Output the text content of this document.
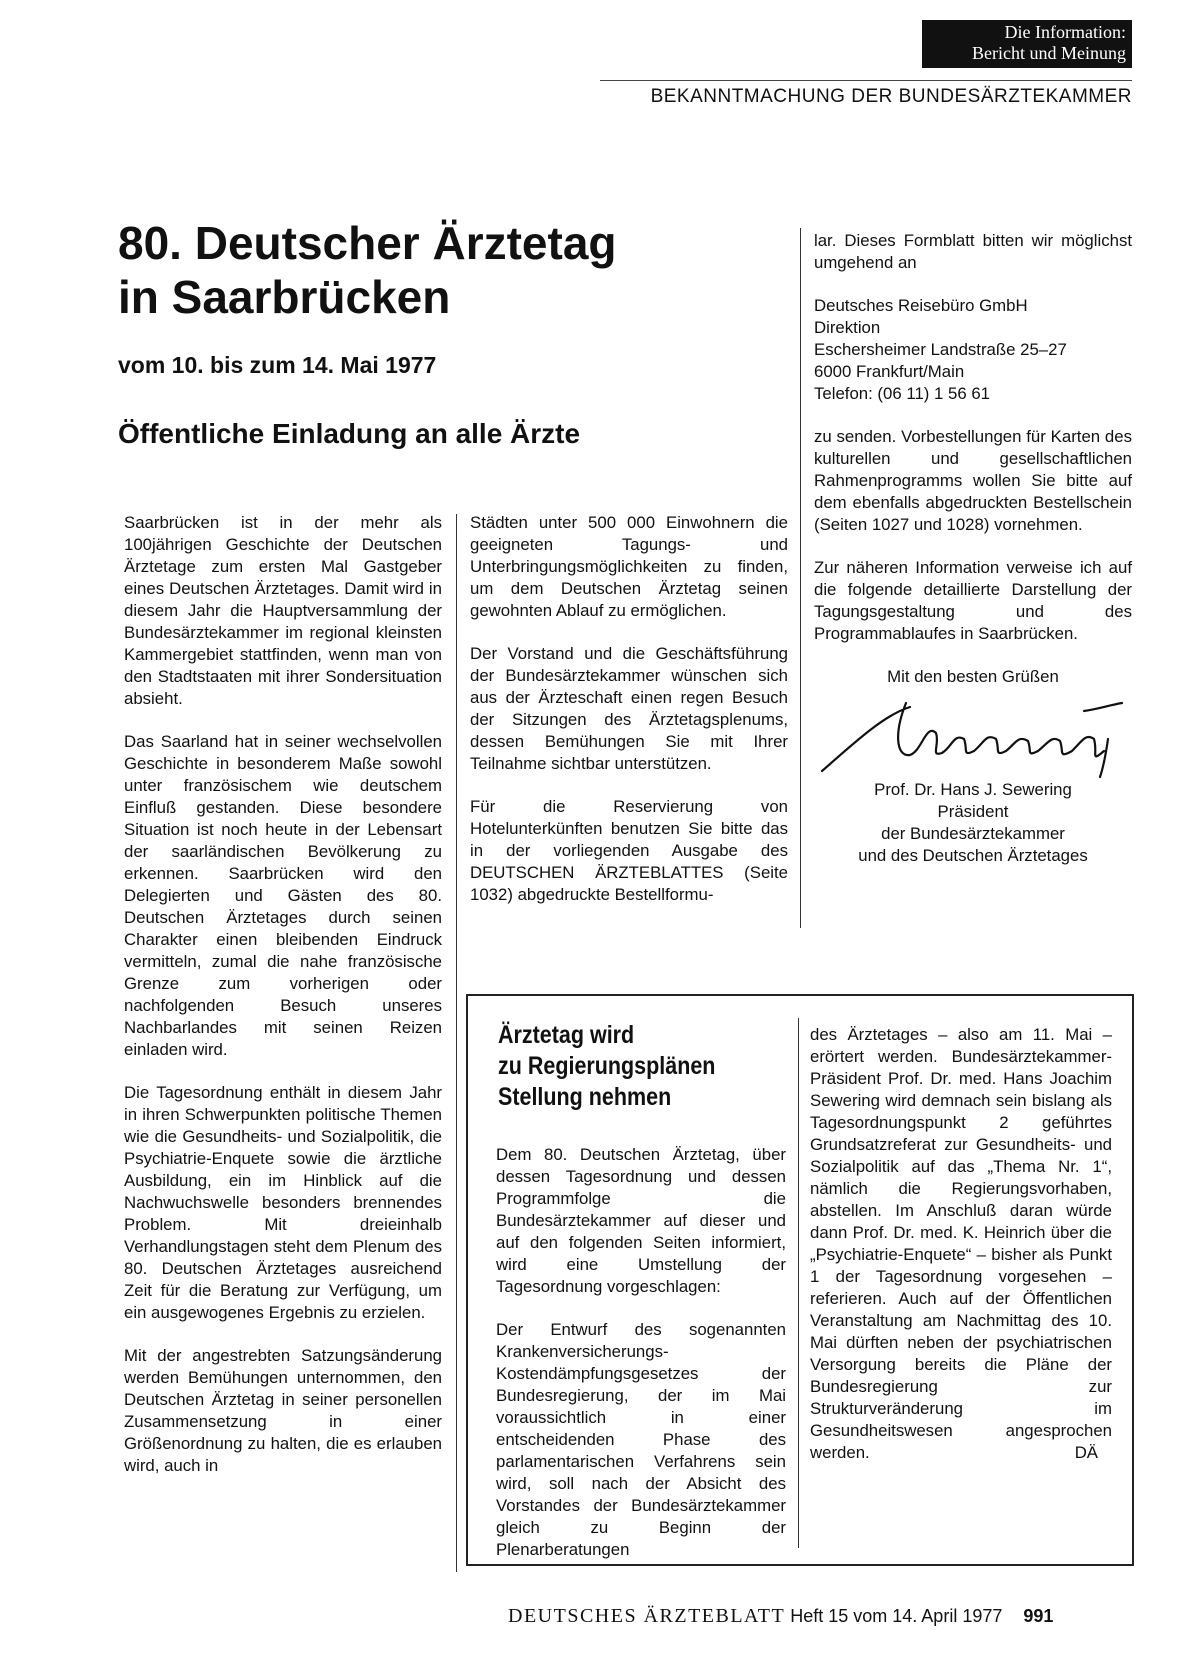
Die Information:
Bericht und Meinung
BEKANNTMACHUNG DER BUNDESÄRZTEKAMMER
80. Deutscher Ärztetag
in Saarbrücken
vom 10. bis zum 14. Mai 1977
Öffentliche Einladung an alle Ärzte

Saarbrücken ist in der mehr als 100jährigen Geschichte der Deutschen Ärztetage zum ersten Mal Gastgeber eines Deutschen Ärztetages. Damit wird in diesem Jahr die Hauptversammlung der Bundesärztekammer im regional kleinsten Kammergebiet stattfinden, wenn man von den Stadtstaaten mit ihrer Sondersituation absieht.

Das Saarland hat in seiner wechselvollen Geschichte in besonderem Maße sowohl unter französischem wie deutschem Einfluß gestanden. Diese besondere Situation ist noch heute in der Lebensart der saarländischen Bevölkerung zu erkennen. Saarbrücken wird den Delegierten und Gästen des 80. Deutschen Ärztetages durch seinen Charakter einen bleibenden Eindruck vermitteln, zumal die nahe französische Grenze zum vorherigen oder nachfolgenden Besuch unseres Nachbarlandes mit seinen Reizen einladen wird.

Die Tagesordnung enthält in diesem Jahr in ihren Schwerpunkten politische Themen wie die Gesundheits- und Sozialpolitik, die Psychiatrie-Enquete sowie die ärztliche Ausbildung, ein im Hinblick auf die Nachwuchswelle besonders brennendes Problem. Mit dreieinhalb Verhandlungstagen steht dem Plenum des 80. Deutschen Ärztetages ausreichend Zeit für die Beratung zur Verfügung, um ein ausgewogenes Ergebnis zu erzielen.

Mit der angestrebten Satzungsänderung werden Bemühungen unternommen, den Deutschen Ärztetag in seiner personellen Zusammensetzung in einer Größenordnung zu halten, die es erlauben wird, auch in

Städten unter 500 000 Einwohnern die geeigneten Tagungs- und Unterbringungsmöglichkeiten zu finden, um dem Deutschen Ärztetag seinen gewohnten Ablauf zu ermöglichen.

Der Vorstand und die Geschäftsführung der Bundesärztekammer wünschen sich aus der Ärzteschaft einen regen Besuch der Sitzungen des Ärztetagsplenums, dessen Bemühungen Sie mit Ihrer Teilnahme sichtbar unterstützen.

Für die Reservierung von Hotelunterkünften benutzen Sie bitte das in der vorliegenden Ausgabe des DEUTSCHEN ÄRZTEBLATTES (Seite 1032) abgedruckte Bestellformu-

lar. Dieses Formblatt bitten wir möglichst umgehend an

Deutsches Reisebüro GmbH
Direktion
Eschersheimer Landstraße 25–27
6000 Frankfurt/Main
Telefon: (06 11) 1 56 61

zu senden. Vorbestellungen für Karten des kulturellen und gesellschaftlichen Rahmenprogramms wollen Sie bitte auf dem ebenfalls abgedruckten Bestellschein (Seiten 1027 und 1028) vornehmen.

Zur näheren Information verweise ich auf die folgende detaillierte Darstellung der Tagungsgestaltung und des Programmablaufes in Saarbrücken.

Mit den besten Grüßen

Prof. Dr. Hans J. Sewering
Präsident
der Bundesärztekammer
und des Deutschen Ärztetages
Ärztetag wird
zu Regierungsplänen
Stellung nehmen

Dem 80. Deutschen Ärztetag, über dessen Tagesordnung und dessen Programmfolge die Bundesärztekammer auf dieser und auf den folgenden Seiten informiert, wird eine Umstellung der Tagesordnung vorgeschlagen:

Der Entwurf des sogenannten Krankenversicherungs-Kostendämpfungsgesetzes der Bundesregierung, der im Mai voraussichtlich in einer entscheidenden Phase des parlamentarischen Verfahrens sein wird, soll nach der Absicht des Vorstandes der Bundesärztekammer gleich zu Beginn der Plenarberatungen

des Ärztetages – also am 11. Mai – erörtert werden. Bundesärztekammer-Präsident Prof. Dr. med. Hans Joachim Sewering wird demnach sein bislang als Tagesordnungspunkt 2 geführtes Grundsatzreferat zur Gesundheits- und Sozialpolitik auf das „Thema Nr. 1“, nämlich die Regierungsvorhaben, abstellen. Im Anschluß daran würde dann Prof. Dr. med. K. Heinrich über die „Psychiatrie-Enquete“ – bisher als Punkt 1 der Tagesordnung vorgesehen – referieren. Auch auf der Öffentlichen Veranstaltung am Nachmittag des 10. Mai dürften neben der psychiatrischen Versorgung bereits die Pläne der Bundesregierung zur Strukturveränderung im Gesundheitswesen angesprochen werden.	DÄ
DEUTSCHES ÄRZTEBLATT Heft 15 vom 14. April 1977 991
